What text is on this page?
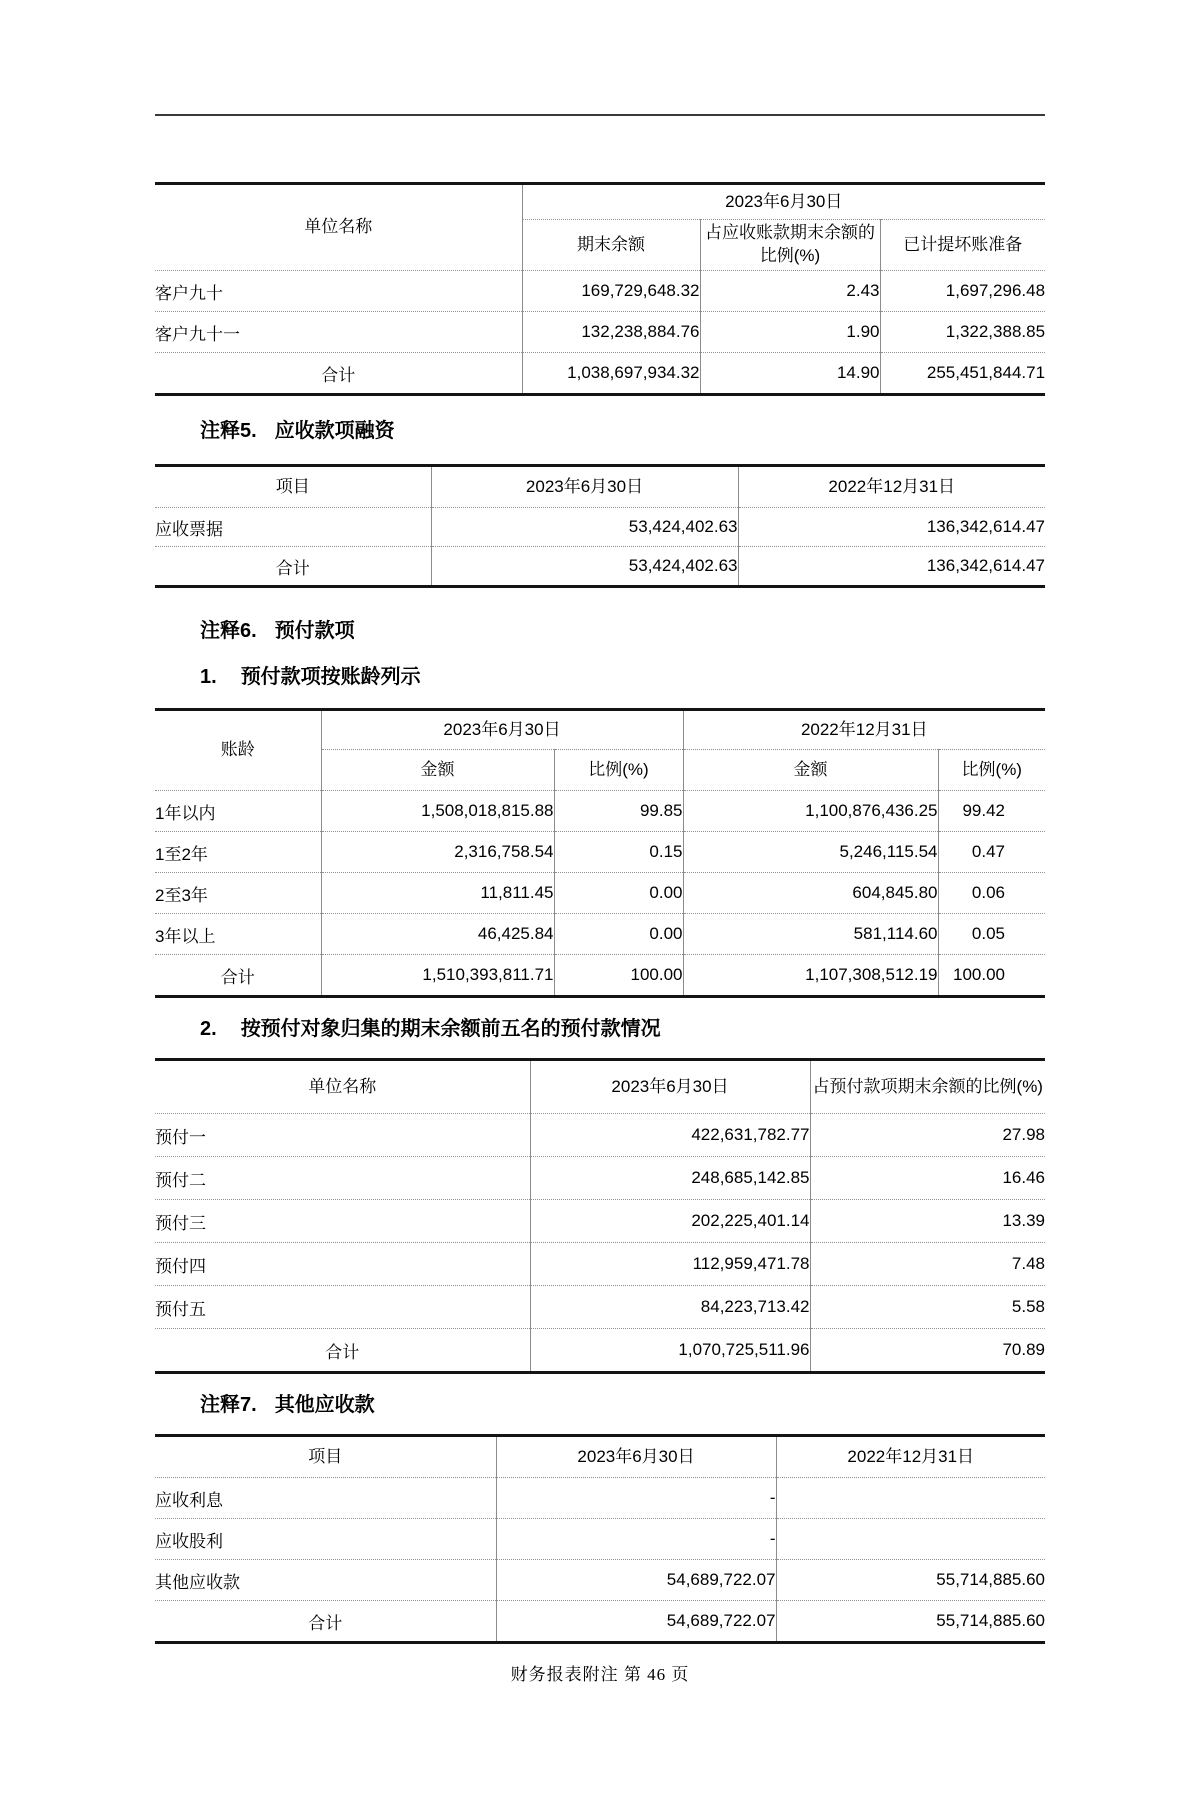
单位名称	2023年6月30日		
	期末余额	占应收账款期末余额的比例(%)	已计提坏账准备
客户九十	169,729,648.32	2.43	1,697,296.48
客户九十一	132,238,884.76	1.90	1,322,388.85
合计	1,038,697,934.32	14.90	255,451,844.71
注释5. 应收款项融资
项目	2023年6月30日	2022年12月31日
应收票据	53,424,402.63	136,342,614.47
合计	53,424,402.63	136,342,614.47
注释6. 预付款项
1. 预付款项按账龄列示
账龄	2023年6月30日		2022年12月31日	
	金额	比例(%)	金额	比例(%)
1年以内	1,508,018,815.88	99.85	1,100,876,436.25	99.42
1至2年	2,316,758.54	0.15	5,246,115.54	0.47
2至3年	11,811.45	0.00	604,845.80	0.06
3年以上	46,425.84	0.00	581,114.60	0.05
合计	1,510,393,811.71	100.00	1,107,308,512.19	100.00
2. 按预付对象归集的期末余额前五名的预付款情况
单位名称	2023年6月30日	占预付款项期末余额的比例(%)
预付一	422,631,782.77	27.98
预付二	248,685,142.85	16.46
预付三	202,225,401.14	13.39
预付四	112,959,471.78	7.48
预付五	84,223,713.42	5.58
合计	1,070,725,511.96	70.89
注释7. 其他应收款
项目	2023年6月30日	2022年12月31日
应收利息	-	
应收股利	-	
其他应收款	54,689,722.07	55,714,885.60
合计	54,689,722.07	55,714,885.60
财务报表附注 第 46 页
